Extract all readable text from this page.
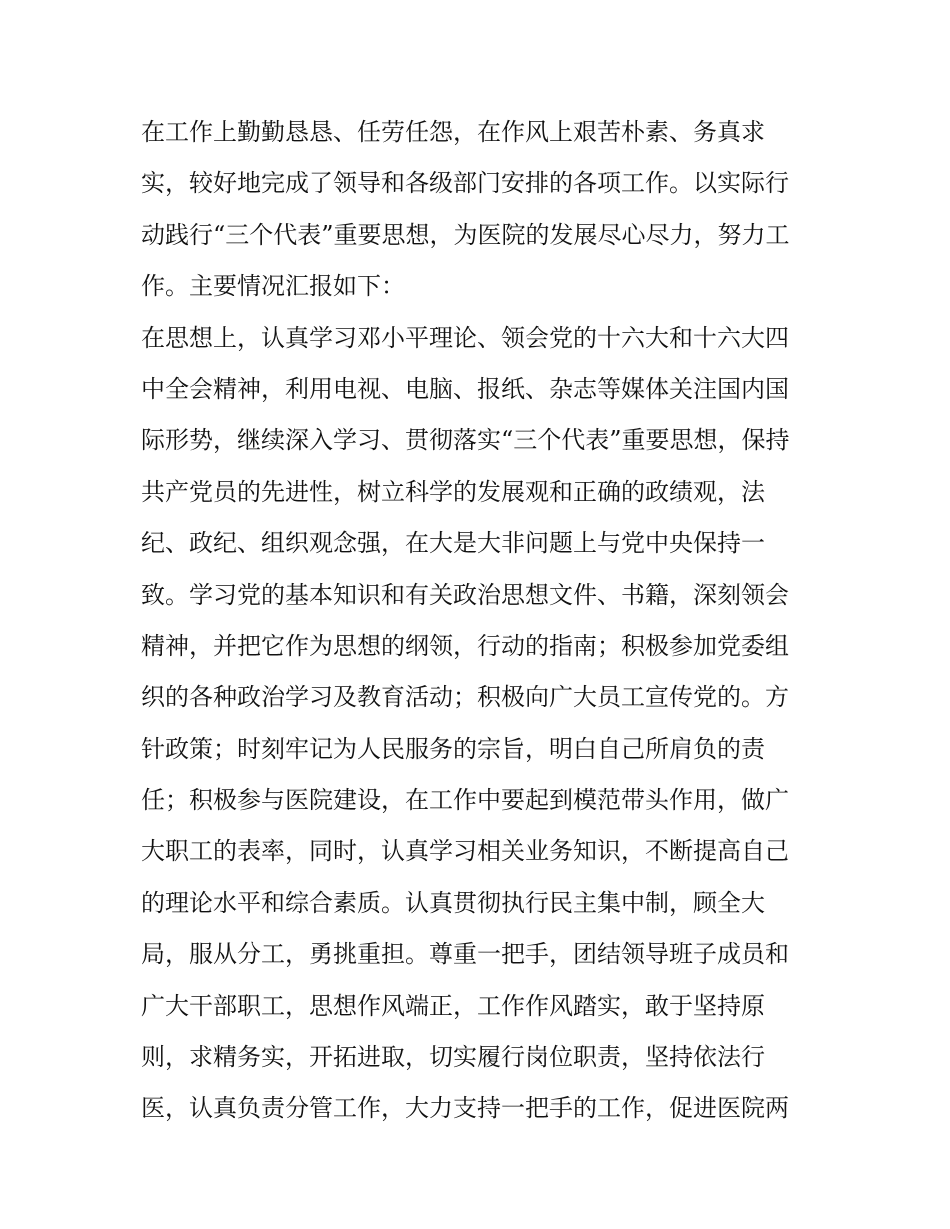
在工作上勤勤恳恳、任劳任怨，在作风上艰苦朴素、务真求
实，较好地完成了领导和各级部门安排的各项工作。以实际行
动践行“三个代表”重要思想，为医院的发展尽心尽力，努力工
作。主要情况汇报如下：
在思想上，认真学习邓小平理论、领会党的十六大和十六大四
中全会精神，利用电视、电脑、报纸、杂志等媒体关注国内国
际形势，继续深入学习、贯彻落实“三个代表”重要思想，保持
共产党员的先进性，树立科学的发展观和正确的政绩观，法
纪、政纪、组织观念强，在大是大非问题上与党中央保持一
致。学习党的基本知识和有关政治思想文件、书籍，深刻领会
精神，并把它作为思想的纲领，行动的指南；积极参加党委组
织的各种政治学习及教育活动；积极向广大员工宣传党的。方
针政策；时刻牢记为人民服务的宗旨，明白自己所肩负的责
任；积极参与医院建设，在工作中要起到模范带头作用，做广
大职工的表率，同时，认真学习相关业务知识，不断提高自己
的理论水平和综合素质。认真贯彻执行民主集中制，顾全大
局，服从分工，勇挑重担。尊重一把手，团结领导班子成员和
广大干部职工，思想作风端正，工作作风踏实，敢于坚持原
则，求精务实，开拓进取，切实履行岗位职责，坚持依法行
医，认真负责分管工作，大力支持一把手的工作，促进医院两
